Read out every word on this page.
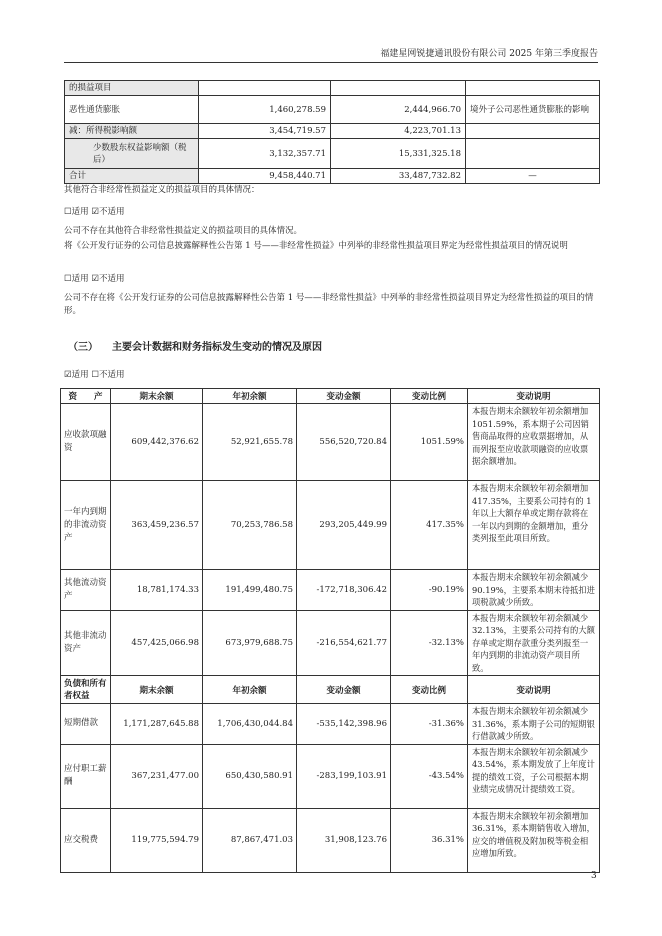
福建星网锐捷通讯股份有限公司 2025 年第三季度报告
的损益项目			
恶性通货膨胀	1,460,278.59	2,444,966.70	境外子公司恶性通货膨胀的影响
减：所得税影响额	3,454,719.57	4,223,701.13	
少数股东权益影响额（税后）	3,132,357.71	15,331,325.18	
合计	9,458,440.71	33,487,732.82	—
其他符合非经常性损益定义的损益项目的具体情况：
☐适用 ☑不适用
公司不存在其他符合非经常性损益定义的损益项目的具体情况。
将《公开发行证券的公司信息披露解释性公告第 1 号——非经常性损益》中列举的非经常性损益项目界定为经常性损益项目的情况说明
☐适用 ☑不适用
公司不存在将《公开发行证券的公司信息披露解释性公告第 1 号——非经常性损益》中列举的非经常性损益项目界定为经常性损益的项目的情形。
（三） 主要会计数据和财务指标发生变动的情况及原因
☑适用 ☐不适用
资　　产	期末余额	年初余额	变动金额	变动比例	变动说明
应收款项融资	609,442,376.62	52,921,655.78	556,520,720.84	1051.59%	本报告期末余额较年初余额增加 1051.59%，系本期子公司因销售商品取得的应收票据增加，从而列报至应收款项融资的应收票据余额增加。
一年内到期的非流动资产	363,459,236.57	70,253,786.58	293,205,449.99	417.35%	本报告期末余额较年初余额增加 417.35%，主要系公司持有的 1 年以上大额存单或定期存款将在一年以内到期的金额增加，重分类列报至此项目所致。
其他流动资产	18,781,174.33	191,499,480.75	-172,718,306.42	-90.19%	本报告期末余额较年初余额减少 90.19%，主要系本期末待抵扣进项税款减少所致。
其他非流动资产	457,425,066.98	673,979,688.75	-216,554,621.77	-32.13%	本报告期末余额较年初余额减少 32.13%，主要系公司持有的大额存单或定期存款重分类列报至一年内到期的非流动资产项目所致。
负债和所有者权益	期末余额	年初余额	变动金额	变动比例	变动说明
短期借款	1,171,287,645.88	1,706,430,044.84	-535,142,398.96	-31.36%	本报告期末余额较年初余额减少 31.36%，系本期子公司的短期银行借款减少所致。
应付职工薪酬	367,231,477.00	650,430,580.91	-283,199,103.91	-43.54%	本报告期末余额较年初余额减少 43.54%，系本期发放了上年度计提的绩效工资，子公司根据本期业绩完成情况计提绩效工资。
应交税费	119,775,594.79	87,867,471.03	31,908,123.76	36.31%	本报告期末余额较年初余额增加 36.31%，系本期销售收入增加，应交的增值税及附加税等税金相应增加所致。
3
